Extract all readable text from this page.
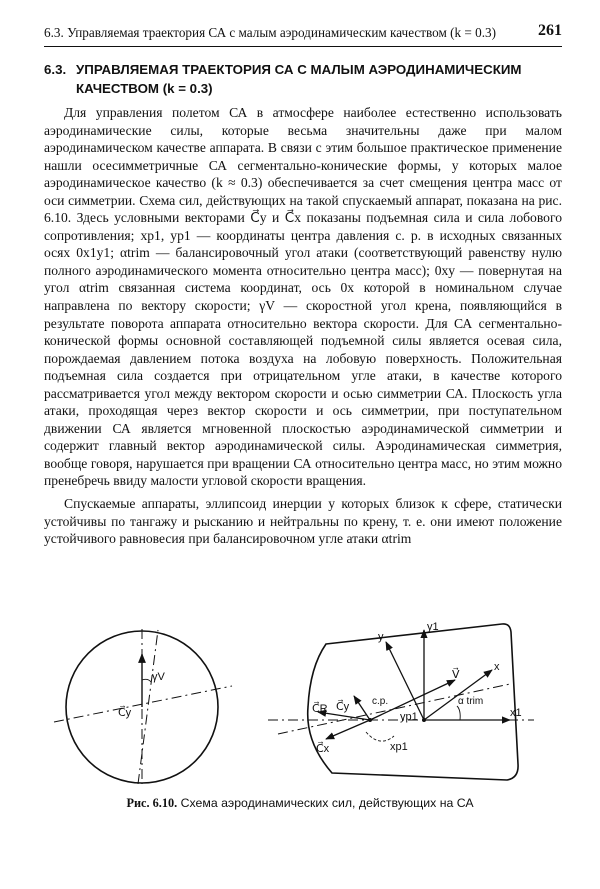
6.3. Управляемая траектория СА с малым аэродинамическим качеством (k = 0.3)	261
6.3. УПРАВЛЯЕМАЯ ТРАЕКТОРИЯ СА С МАЛЫМ АЭРОДИНАМИЧЕСКИМ
КАЧЕСТВОМ (k = 0.3)

Для управления полетом СА в атмосфере наиболее естественно использовать аэродинамические силы, которые весьма значительны даже при малом аэродинамическом качестве аппарата. В связи с этим большое практическое применение нашли осесимметричные СА сегментально-конические формы, у которых малое аэродинамическое качество (k ≈ 0.3) обеспечивается за счет смещения центра масс от оси симметрии. Схема сил, действующих на такой спускаемый аппарат, показана на рис. 6.10. Здесь условными векторами C⃗y и C⃗x показаны подъемная сила и сила лобового сопротивления; xp1, yp1 — координаты центра давления c. p. в исходных связанных осях 0x1y1; αtrim — балансировочный угол атаки (соответствующий равенству нулю полного аэродинамического момента относительно центра масс); 0xy — повернутая на угол αtrim связанная система координат, ось 0x которой в номинальном случае направлена по вектору скорости; γV — скоростной угол крена, появляющийся в результате поворота аппарата относительно вектора скорости. Для СА сегментально-конической формы основной составляющей подъемной силы является осевая сила, порождаемая давлением потока воздуха на лобовую поверхность. Положительная подъемная сила создается при отрицательном угле атаки, в качестве которого рассматривается угол между вектором скорости и осью симметрии СА. Плоскость угла атаки, проходящая через вектор скорости и ось симметрии, при поступательном движении СА является мгновенной плоскостью аэродинамической симметрии и содержит главный вектор аэродинамической силы. Аэродинамическая симметрия, вообще говоря, нарушается при вращении СА относительно центра масс, но этим можно пренебречь ввиду малости угловой скорости вращения.

Спускаемые аппараты, эллипсоид инерции у которых близок к сфере, статически устойчивы по тангажу и рысканию и нейтральны по крену, т. е. они имеют положение устойчивого равновесия при балансировочном угле атаки αtrim

γV
C⃗y
y1
y
V⃗
x
α trim
x1
c.p.
C⃗R C⃗y
yp1
C⃗x	xp1
Рис. 6.10. Схема аэродинамических сил, действующих на СА
